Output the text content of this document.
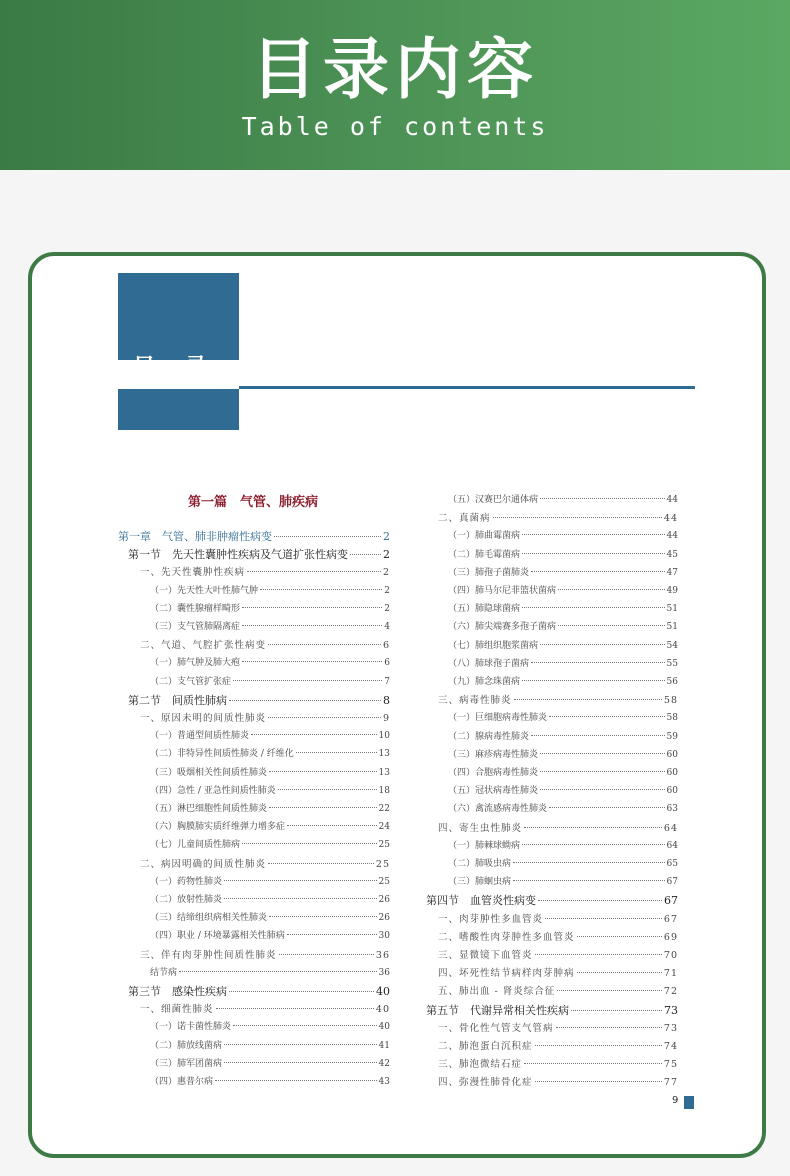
目录内容
Table of contents
目录
第一篇　气管、肺疾病
第一章　气管、肺非肿瘤性病变	2
第一节　先天性囊肿性疾病及气道扩张性病变	2
一、先天性囊肿性疾病	2
（一）先天性大叶性肺气肿	2
（二）囊性腺瘤样畸形	2
（三）支气管肺隔离症	4
二、气道、气腔扩张性病变	6
（一）肺气肿及肺大疱	6
（二）支气管扩张症	7
第二节　间质性肺病	8
一、原因未明的间质性肺炎	9
（一）普通型间质性肺炎	10
（二）非特异性间质性肺炎 / 纤维化	13
（三）吸烟相关性间质性肺炎	13
（四）急性 / 亚急性间质性肺炎	18
（五）淋巴细胞性间质性肺炎	22
（六）胸膜肺实质纤维弹力增多症	24
（七）儿童间质性肺病	25
二、病因明确的间质性肺炎	25
（一）药物性肺炎	25
（二）放射性肺炎	26
（三）结缔组织病相关性肺炎	26
（四）职业 / 环境暴露相关性肺病	30
三、伴有肉芽肿性间质性肺炎	36
结节病	36
第三节　感染性疾病	40
一、细菌性肺炎	40
（一）诺卡菌性肺炎	40
（二）肺放线菌病	41
（三）肺军团菌病	42
（四）惠普尔病	43
（五）汉赛巴尔通体病	44
二、真菌病	44
（一）肺曲霉菌病	44
（二）肺毛霉菌病	45
（三）肺孢子菌肺炎	47
（四）肺马尔尼菲篮状菌病	49
（五）肺隐球菌病	51
（六）肺尖端赛多孢子菌病	51
（七）肺组织胞浆菌病	54
（八）肺球孢子菌病	55
（九）肺念珠菌病	56
三、病毒性肺炎	58
（一）巨细胞病毒性肺炎	58
（二）腺病毒性肺炎	59
（三）麻疹病毒性肺炎	60
（四）合胞病毒性肺炎	60
（五）冠状病毒性肺炎	60
（六）禽流感病毒性肺炎	63
四、寄生虫性肺炎	64
（一）肺棘球蚴病	64
（二）肺吸虫病	65
（三）肺蛔虫病	67
第四节　血管炎性病变	67
一、肉芽肿性多血管炎	67
二、嗜酸性肉芽肿性多血管炎	69
三、显微镜下血管炎	70
四、坏死性结节病样肉芽肿病	71
五、肺出血 - 肾炎综合征	72
第五节　代谢异常相关性疾病	73
一、骨化性气管支气管病	73
二、肺泡蛋白沉积症	74
三、肺泡微结石症	75
四、弥漫性肺骨化症	77
9
